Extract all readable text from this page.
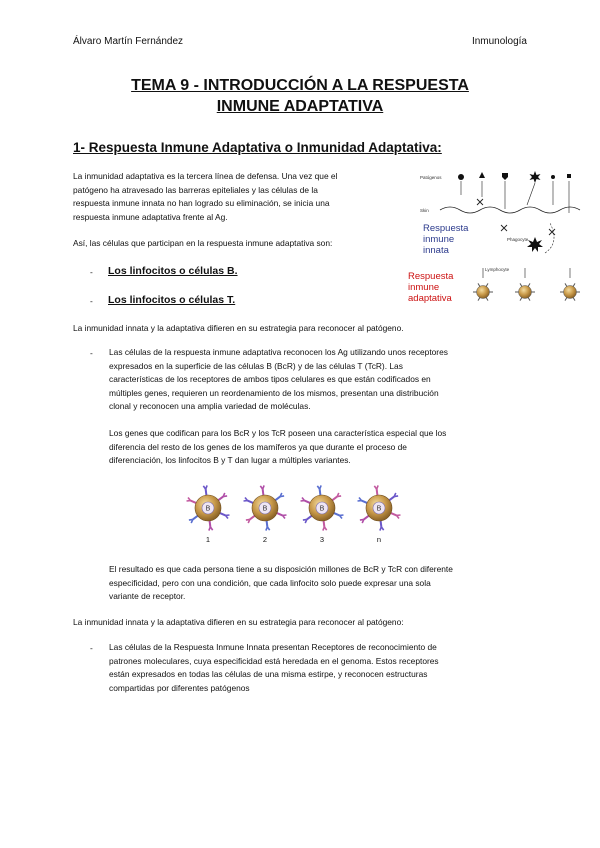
Álvaro Martín Fernández	Inmunología
TEMA 9 - INTRODUCCIÓN A LA RESPUESTA
INMUNE ADAPTATIVA
1- Respuesta Inmune Adaptativa o Inmunidad Adaptativa:
La inmunidad adaptativa es la tercera línea de defensa. Una vez que el
patógeno ha atravesado las barreras epiteliales y las células de la
respuesta inmune innata no han logrado su eliminación, se inicia una
respuesta inmune adaptativa frente al Ag.
Así, las células que participan en la respuesta inmune adaptativa son:
- Los linfocitos o células B.
- Los linfocitos o células T.
La inmunidad innata y la adaptativa difieren en su estrategia para reconocer al patógeno.
- Las células de la respuesta inmune adaptativa reconocen los Ag utilizando unos receptores
expresados en la superficie de las células B (BcR) y de las células T (TcR). Las
características de los receptores de ambos tipos celulares es que están codificados en
múltiples genes, requieren un reordenamiento de los mismos, presentan una distribución
clonal y reconocen una amplia variedad de moléculas.
Los genes que codifican para los BcR y los TcR poseen una característica especial que los
diferencia del resto de los genes de los mamíferos ya que durante el proceso de
diferenciación, los linfocitos B y T dan lugar a múltiples variantes.
B
1
B
2
B
3
B
n
El resultado es que cada persona tiene a su disposición millones de BcR y TcR con diferente
especificidad, pero con una condición, que cada linfocito solo puede expresar una sola
variante de receptor.
La inmunidad innata y la adaptativa difieren en su estrategia para reconocer al patógeno:
- Las células de la Respuesta Inmune Innata presentan Receptores de reconocimiento de
patrones moleculares, cuya especificidad está heredada en el genoma. Estos receptores
están expresados en todas las células de una misma estirpe, y reconocen estructuras
compartidas por diferentes patógenos
Patógenos
Skin
Phagocyte
Lymphocyte
Respuesta
inmune
innata
Respuesta
inmune
adaptativa
